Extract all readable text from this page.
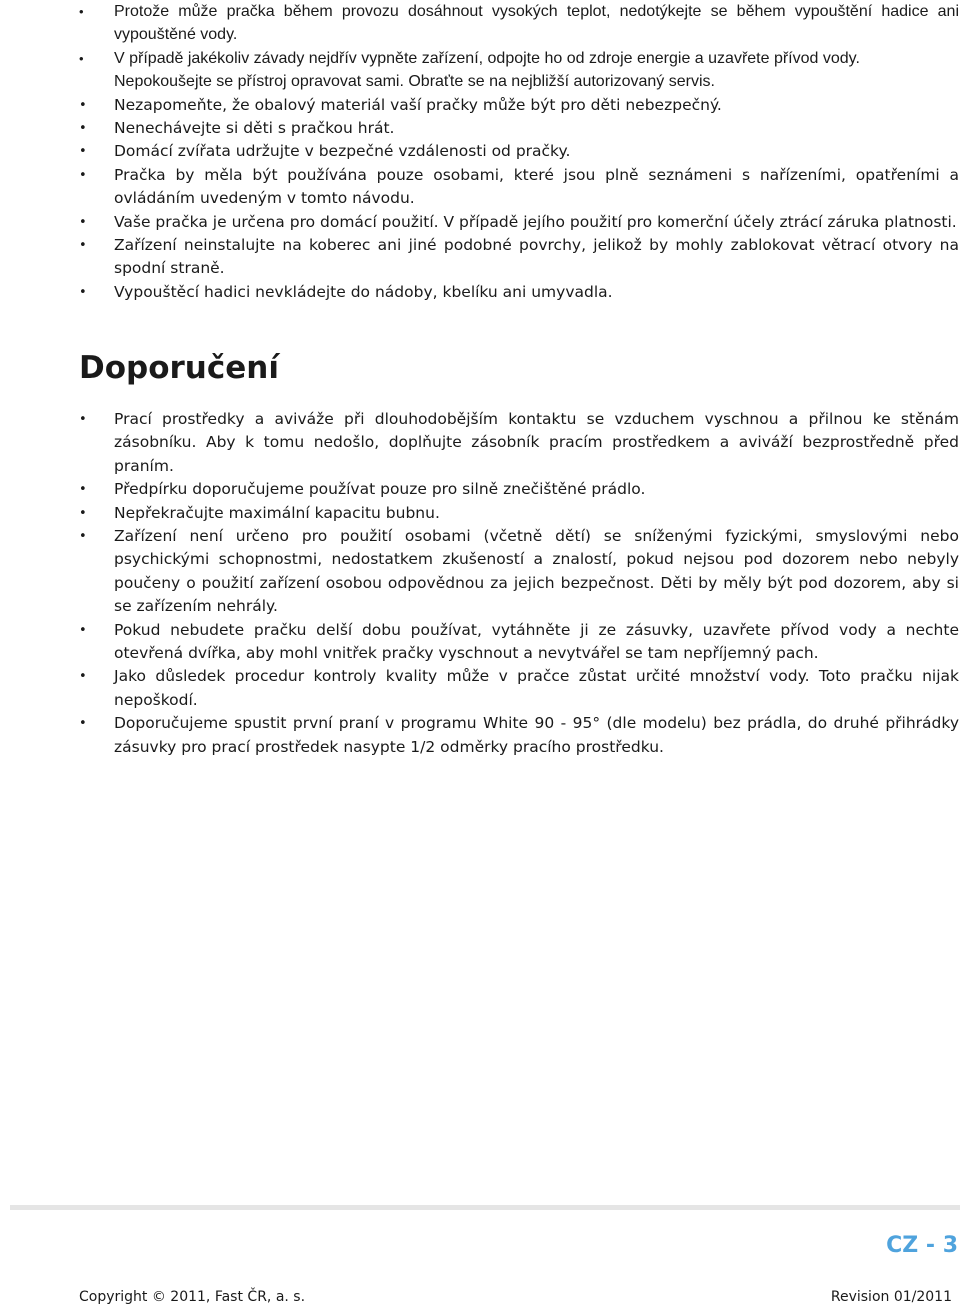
• Protože může pračka během provozu dosáhnout vysokých teplot, nedotýkejte se během vypouštění hadice ani vypouštěné vody.
• V případě jakékoliv závady nejdřív vypněte zařízení, odpojte ho od zdroje energie a uzavřete přívod vody.
Nepokoušejte se přístroj opravovat sami. Obraťte se na nejbližší autorizovaný servis.
• Nezapomeňte, že obalový materiál vaší pračky může být pro děti nebezpečný.
• Nenechávejte si děti s pračkou hrát.
• Domácí zvířata udržujte v bezpečné vzdálenosti od pračky.
• Pračka by měla být používána pouze osobami, které jsou plně seznámeni s nařízeními, opatřeními a ovládáním uvedeným v tomto návodu.
• Vaše pračka je určena pro domácí použití. V případě jejího použití pro komerční účely ztrácí záruka platnosti.
• Zařízení neinstalujte na koberec ani jiné podobné povrchy, jelikož by mohly zablokovat větrací otvory na spodní straně.
• Vypouštěcí hadici nevkládejte do nádoby, kbelíku ani umyvadla.
Doporučení
• Prací prostředky a aviváže při dlouhodobějším kontaktu se vzduchem vyschnou a přilnou ke stěnám zásobníku. Aby k tomu nedošlo, doplňujte zásobník pracím prostředkem a aviváží bezprostředně před praním.
• Předpírku doporučujeme používat pouze pro silně znečištěné prádlo.
• Nepřekračujte maximální kapacitu bubnu.
• Zařízení není určeno pro použití osobami (včetně dětí) se sníženými fyzickými, smyslovými nebo psychickými schopnostmi, nedostatkem zkušeností a znalostí, pokud nejsou pod dozorem nebo nebyly poučeny o použití zařízení osobou odpovědnou za jejich bezpečnost. Děti by měly být pod dozorem, aby si se zařízením nehrály.
• Pokud nebudete pračku delší dobu používat, vytáhněte ji ze zásuvky, uzavřete přívod vody a nechte otevřená dvířka, aby mohl vnitřek pračky vyschnout a nevytvářel se tam nepříjemný pach.
• Jako důsledek procedur kontroly kvality může v pračce zůstat určité množství vody. Toto pračku nijak nepoškodí.
• Doporučujeme spustit první praní v programu White 90 - 95° (dle modelu) bez prádla, do druhé přihrádky zásuvky pro prací prostředek nasypte 1/2 odměrky pracího prostředku.
CZ - 3
Copyright © 2011, Fast ČR, a. s.	Revision 01/2011
